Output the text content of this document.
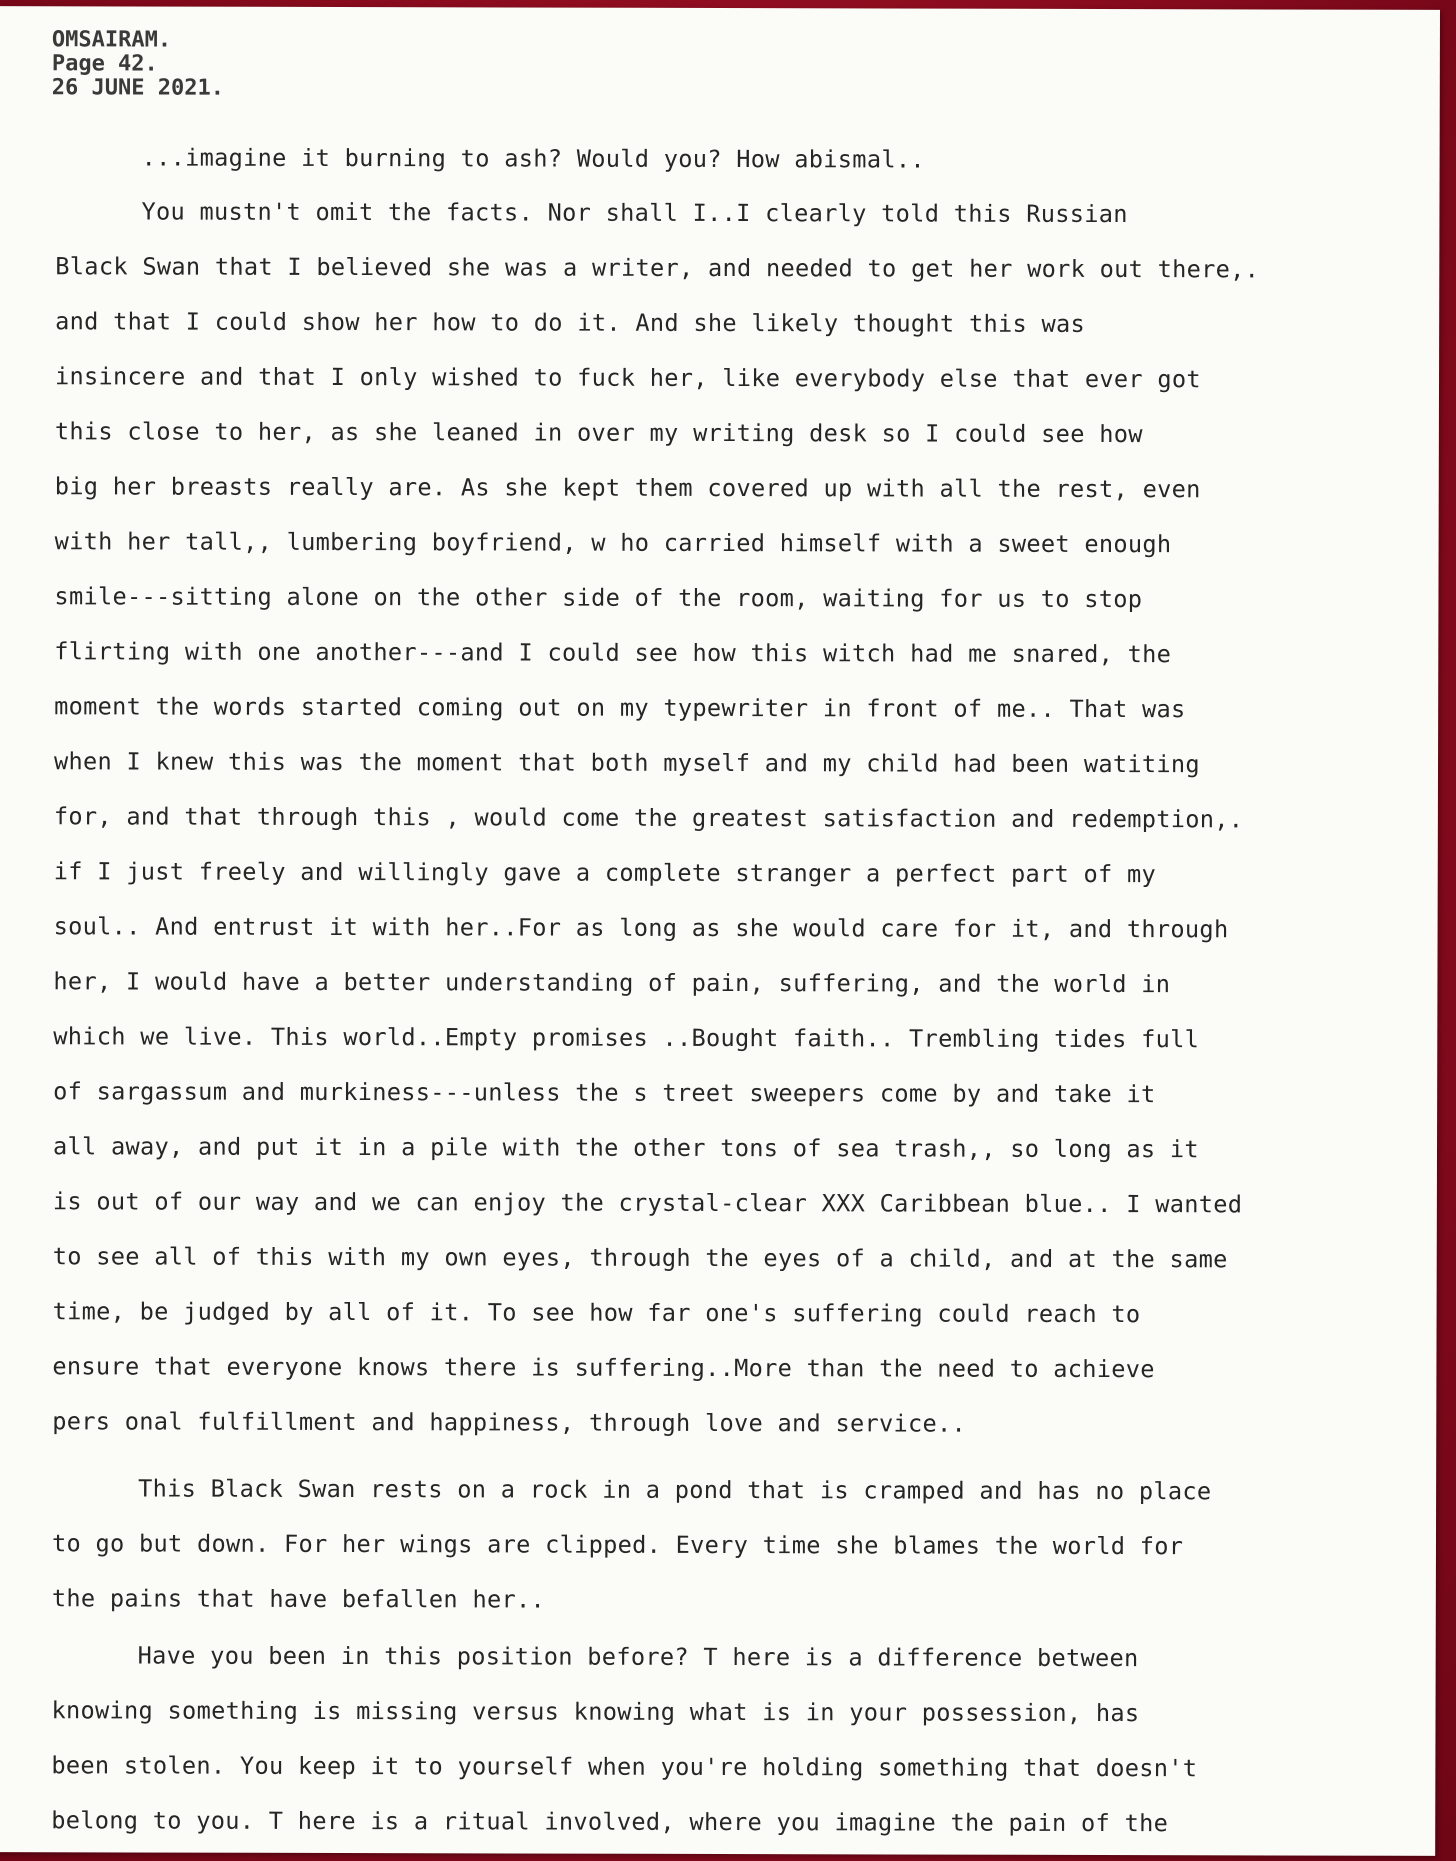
OMSAIRAM.
Page 42.
26 JUNE 2021.
...imagine it burning to ash? Would you? How abismal..
You mustn't omit the facts. Nor shall I..I clearly told this Russian
Black Swan that I believed she was a writer, and needed to get her work out there,.
and that I could show her how to do it. And she likely thought this was
insincere and that I only wished to fuck her, like everybody else that ever got
this close to her, as she leaned in over my writing desk so I could see how
big her breasts really are. As she kept them covered up with all the rest, even
with her tall,, lumbering boyfriend, w ho carried himself with a sweet enough
smile---sitting alone on the other side of the room, waiting for us to stop
flirting with one another---and I could see how this witch had me snared, the
moment the words started coming out on my typewriter in front of me.. That was
when I knew this was the moment that both myself and my child had been watiting
for, and that through this , would come the greatest satisfaction and redemption,.
if I just freely and willingly gave a complete stranger a perfect part of my
soul.. And entrust it with her..For as long as she would care for it, and through
her, I would have a better understanding of pain, suffering, and the world in
which we live. This world..Empty promises ..Bought faith.. Trembling tides full
of sargassum and murkiness---unless the s treet sweepers come by and take it
all away, and put it in a pile with the other tons of sea trash,, so long as it
is out of our way and we can enjoy the crystal-clear XXX Caribbean blue.. I wanted
to see all of this with my own eyes, through the eyes of a child, and at the same
time, be judged by all of it. To see how far one's suffering could reach to
ensure that everyone knows there is suffering..More than the need to achieve
pers onal fulfillment and happiness, through love and service..
This Black Swan rests on a rock in a pond that is cramped and has no place
to go but down. For her wings are clipped. Every time she blames the world for
the pains that have befallen her..
Have you been in this position before? T here is a difference between
knowing something is missing versus knowing what is in your possession, has
been stolen. You keep it to yourself when you're holding something that doesn't
belong to you. T here is a ritual involved, where you imagine the pain of the
